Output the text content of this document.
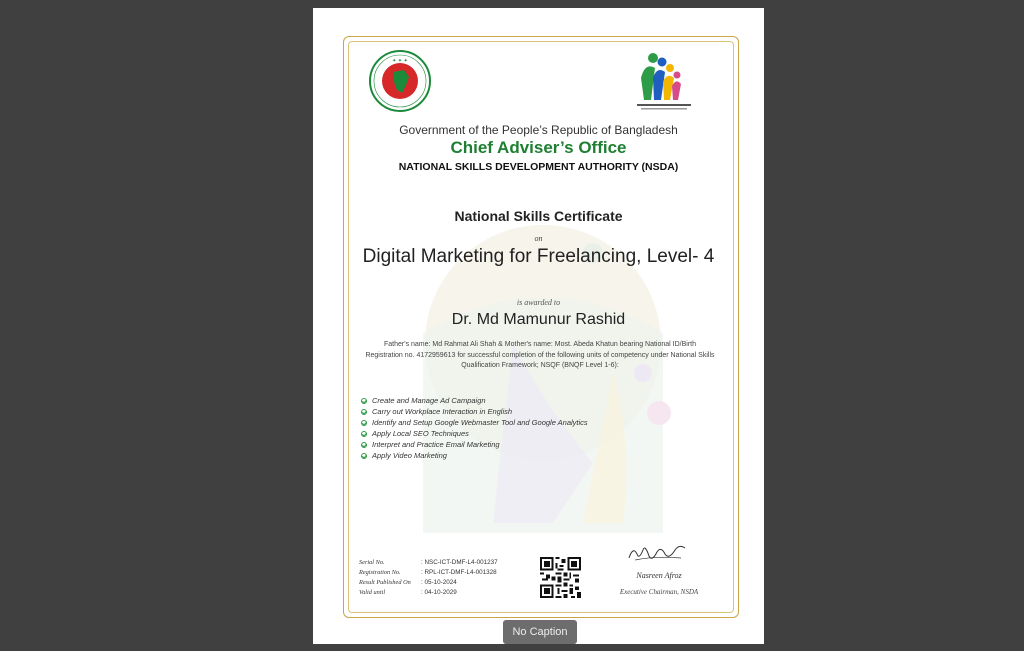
✦ ✦ ✦
Government of the People’s Republic of Bangladesh
Chief Adviser’s Office
NATIONAL SKILLS DEVELOPMENT AUTHORITY (NSDA)
National Skills Certificate
on
Digital Marketing for Freelancing, Level- 4
is awarded to
Dr. Md Mamunur Rashid
Father's name: Md Rahmat Ali Shah & Mother's name: Most. Abeda Khatun bearing National ID/Birth Registration no. 4172959613 for successful completion of the following units of competency under National Skills Qualification Framework; NSQF (BNQF Level 1-6):
Create and Manage Ad Campaign
Carry out Workplace Interaction in English
Identify and Setup Google Webmaster Tool and Google Analytics
Apply Local SEO Techniques
Interpret and Practice Email Marketing
Apply Video Marketing
Serial No.	: NSC-ICT-DMF-L4-001237
Registration No.	: RPL-ICT-DMF-L4-001328
Result Published On	: 05-10-2024
Valid until	: 04-10-2029
Nasreen Afroz
Executive Chairman, NSDA
No Caption
